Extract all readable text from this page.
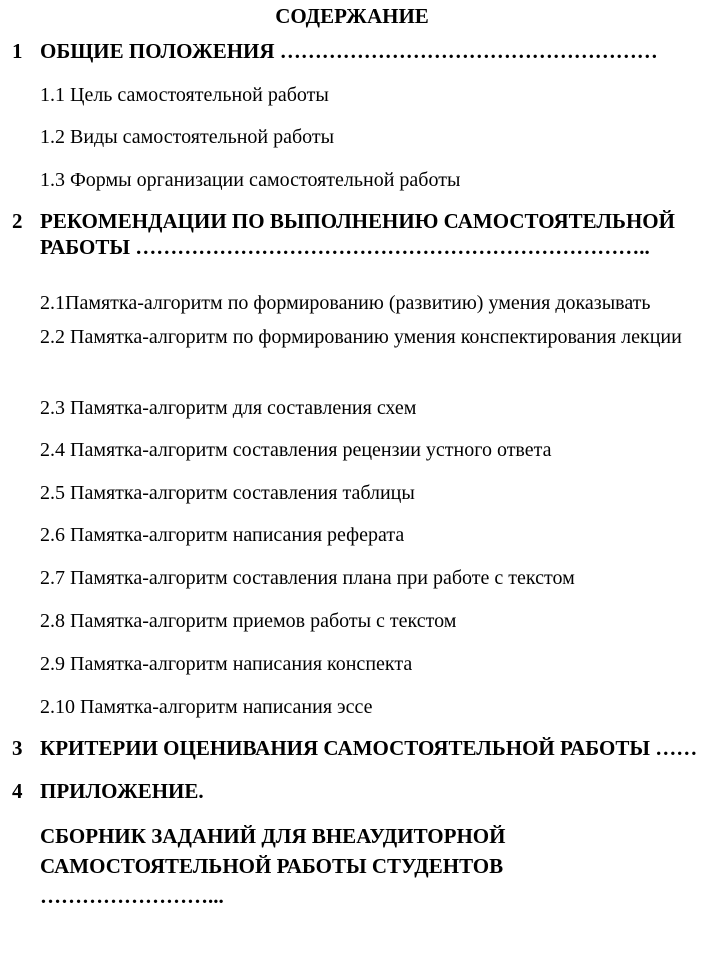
СОДЕРЖАНИЕ
1 ОБЩИЕ ПОЛОЖЕНИЯ ………………………………………………
1.1 Цель самостоятельной работы
1.2 Виды самостоятельной работы
1.3 Формы организации самостоятельной работы
2 РЕКОМЕНДАЦИИ ПО ВЫПОЛНЕНИЮ САМОСТОЯТЕЛЬНОЙ РАБОТЫ ………………………………………………………………..
2.1Памятка-алгоритм по формированию (развитию) умения доказывать
2.2 Памятка-алгоритм по формированию умения конспектирования лекции
2.3 Памятка-алгоритм для составления схем
2.4 Памятка-алгоритм составления рецензии устного ответа
2.5 Памятка-алгоритм составления таблицы
2.6 Памятка-алгоритм написания реферата
2.7 Памятка-алгоритм составления плана при работе с текстом
2.8 Памятка-алгоритм приемов работы с текстом
2.9 Памятка-алгоритм написания конспекта
2.10 Памятка-алгоритм написания эссе
3 КРИТЕРИИ ОЦЕНИВАНИЯ САМОСТОЯТЕЛЬНОЙ РАБОТЫ ……
4 ПРИЛОЖЕНИЕ.
СБОРНИК ЗАДАНИЙ ДЛЯ ВНЕАУДИТОРНОЙ САМОСТОЯТЕЛЬНОЙ РАБОТЫ СТУДЕНТОВ ……………………...
